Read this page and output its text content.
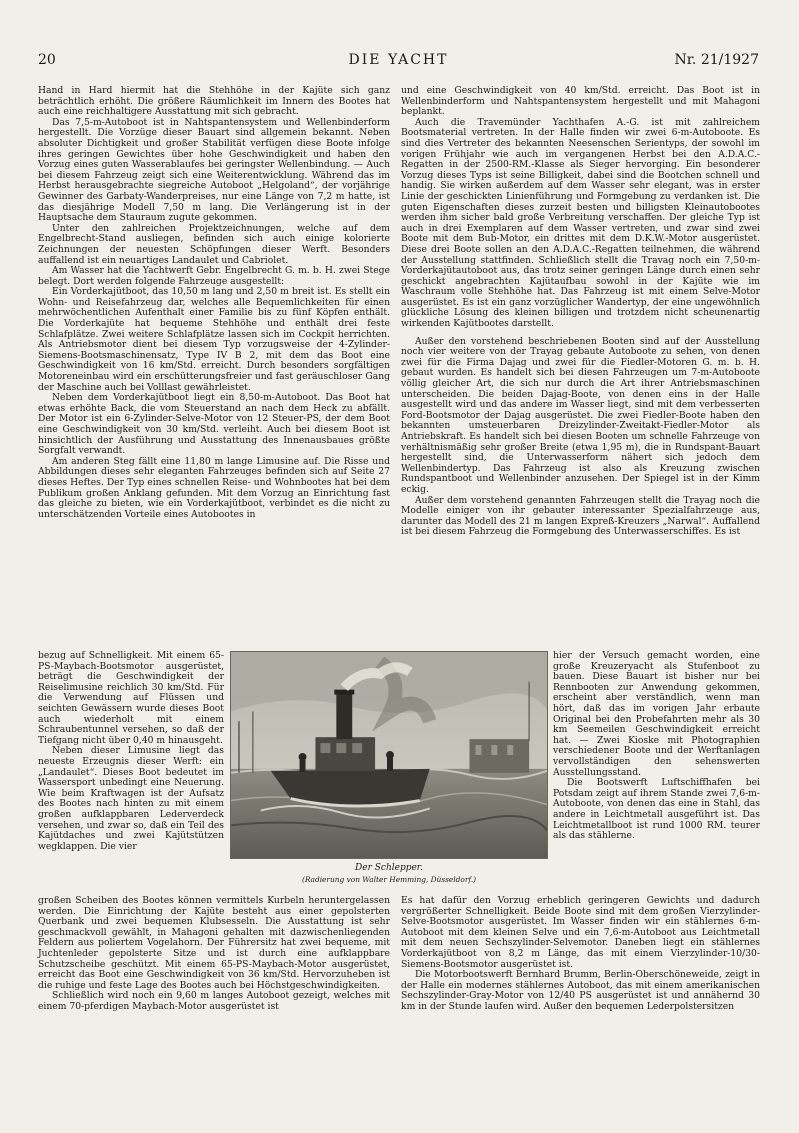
20	DIE YACHT	Nr. 21/1927

Hand in Hard hiermit hat die Stehhöhe in der Kajüte sich ganz beträchtlich erhöht. Die größere Räumlichkeit im Innern des Bootes hat auch eine reichhaltigere Ausstattung mit sich gebracht.

Das 7,5-m-Autoboot ist in Nahtspantensystem und Wellenbinderform hergestellt. Die Vorzüge dieser Bauart sind allgemein bekannt. Neben absoluter Dichtigkeit und großer Stabilität verfügen diese Boote infolge ihres geringen Gewichtes über hohe Geschwindigkeit und haben den Vorzug eines guten Wasserablaufes bei geringster Wellenbindung. — Auch bei diesem Fahrzeug zeigt sich eine Weiterentwicklung. Während das im Herbst herausgebrachte siegreiche Autoboot „Helgoland“, der vorjährige Gewinner des Garbaty-Wanderpreises, nur eine Länge von 7,2 m hatte, ist das diesjährige Modell 7,50 m lang. Die Verlängerung ist in der Hauptsache dem Stauraum zugute gekommen.

Unter den zahlreichen Projektzeichnungen, welche auf dem Engelbrecht-Stand ausliegen, befinden sich auch einige kolorierte Zeichnungen der neuesten Schöpfungen dieser Werft. Besonders auffallend ist ein neuartiges Landaulet und Cabriolet.

Am Wasser hat die Yachtwerft Gebr. Engelbrecht G. m. b. H. zwei Stege belegt. Dort werden folgende Fahrzeuge ausgestellt:

Ein Vorderkajütboot, das 10,50 m lang und 2,50 m breit ist. Es stellt ein Wohn- und Reisefahrzeug dar, welches alle Bequemlichkeiten für einen mehrwöchentlichen Aufenthalt einer Familie bis zu fünf Köpfen enthält. Die Vorderkajüte hat bequeme Stehhöhe und enthält drei feste Schlafplätze. Zwei weitere Schlafplätze lassen sich im Cockpit herrichten. Als Antriebsmotor dient bei diesem Typ vorzugsweise der 4-Zylinder-Siemens-Bootsmaschinensatz, Type IV B 2, mit dem das Boot eine Geschwindigkeit von 16 km/Std. erreicht. Durch besonders sorgfältigen Motoreneinbau wird ein erschütterungsfreier und fast geräuschloser Gang der Maschine auch bei Volllast gewährleistet.

Neben dem Vorderkajütboot liegt ein 8,50-m-Autoboot. Das Boot hat etwas erhöhte Back, die vom Steuerstand an nach dem Heck zu abfällt. Der Motor ist ein 6-Zylinder-Selve-Motor von 12 Steuer-PS, der dem Boot eine Geschwindigkeit von 30 km/Std. verleiht. Auch bei diesem Boot ist hinsichtlich der Ausführung und Ausstattung des Innenausbaues größte Sorgfalt verwandt.

Am anderen Steg fällt eine 11,80 m lange Limusine auf. Die Risse und Abbildungen dieses sehr eleganten Fahrzeuges befinden sich auf Seite 27 dieses Heftes. Der Typ eines schnellen Reise- und Wohnbootes hat bei dem Publikum großen Anklang gefunden. Mit dem Vorzug an Einrichtung fast das gleiche zu bieten, wie ein Vorderkajütboot, verbindet es die nicht zu unterschätzenden Vorteile eines Autobootes in

und eine Geschwindigkeit von 40 km/Std. erreicht. Das Boot ist in Wellenbinderform und Nahtspantensystem hergestellt und mit Mahagoni beplankt.

Auch die Travemünder Yachthafen A.-G. ist mit zahlreichem Bootsmaterial vertreten. In der Halle finden wir zwei 6-m-Autoboote. Es sind dies Vertreter des bekannten Neesenschen Serientyps, der sowohl im vorigen Frühjahr wie auch im vergangenen Herbst bei den A.D.A.C.-Regatten in der 2500-RM.-Klasse als Sieger hervorging. Ein besonderer Vorzug dieses Typs ist seine Billigkeit, dabei sind die Bootchen schnell und handig. Sie wirken außerdem auf dem Wasser sehr elegant, was in erster Linie der geschickten Linienführung und Formgebung zu verdanken ist. Die guten Eigenschaften dieses zurzeit besten und billigsten Kleinautobootes werden ihm sicher bald große Verbreitung verschaffen. Der gleiche Typ ist auch in drei Exemplaren auf dem Wasser vertreten, und zwar sind zwei Boote mit dem Bub-Motor, ein drittes mit dem D.K.W.-Motor ausgerüstet. Diese drei Boote sollen an den A.D.A.C.-Regatten teilnehmen, die während der Ausstellung stattfinden. Schließlich stellt die Travag noch ein 7,50-m-Vorderkajütautoboot aus, das trotz seiner geringen Länge durch einen sehr geschickt angebrachten Kajütaufbau sowohl in der Kajüte wie im Waschraum volle Stehhöhe hat. Das Fahrzeug ist mit einem Selve-Motor ausgerüstet. Es ist ein ganz vorzüglicher Wandertyp, der eine ungewöhnlich glückliche Lösung des kleinen billigen und trotzdem nicht scheunenartig wirkenden Kajütbootes darstellt.

Außer den vorstehend beschriebenen Booten sind auf der Ausstellung noch vier weitere von der Trayag gebaute Autoboote zu sehen, von denen zwei für die Firma Dajag und zwei für die Fiedler-Motoren G. m. b. H. gebaut wurden. Es handelt sich bei diesen Fahrzeugen um 7-m-Autoboote völlig gleicher Art, die sich nur durch die Art ihrer Antriebsmaschinen unterscheiden. Die beiden Dajag-Boote, von denen eins in der Halle ausgestellt wird und das andere im Wasser liegt, sind mit dem verbesserten Ford-Bootsmotor der Dajag ausgerüstet. Die zwei Fiedler-Boote haben den bekannten umsteuerbaren Dreizylinder-Zweitakt-Fiedler-Motor als Antriebskraft. Es handelt sich bei diesen Booten um schnelle Fahrzeuge von verhältnismäßig sehr großer Breite (etwa 1,95 m), die in Rundspant-Bauart hergestellt sind, die Unterwasserform nähert sich jedoch dem Wellenbindertyp. Das Fahrzeug ist also als Kreuzung zwischen Rundspantboot und Wellenbinder anzusehen. Der Spiegel ist in der Kimm eckig.

Außer dem vorstehend genannten Fahrzeugen stellt die Trayag noch die Modelle einiger von ihr gebauter interessanter Spezialfahrzeuge aus, darunter das Modell des 21 m langen Expreß-Kreuzers „Narwal“. Auffallend ist bei diesem Fahrzeug die Formgebung des Unterwasserschiffes. Es ist

bezug auf Schnelligkeit. Mit einem 65-PS-Maybach-Bootsmotor ausgerüstet, beträgt die Geschwindigkeit der Reiselimusine reichlich 30 km/Std. Für die Verwendung auf Flüssen und seichten Gewässern wurde dieses Boot auch wiederholt mit einem Schraubentunnel versehen, so daß der Tiefgang nicht über 0,40 m hinausgeht.

Neben dieser Limusine liegt das neueste Erzeugnis dieser Werft: ein „Landaulet“. Dieses Boot bedeutet im Wassersport unbedingt eine Neuerung. Wie beim Kraftwagen ist der Aufsatz des Bootes nach hinten zu mit einem großen aufklappbaren Lederverdeck versehen, und zwar so, daß ein Teil des Kajütdaches und zwei Kajütstützen wegklappen. Die vier

Der Schlepper.
(Radierung von Walter Hemming, Düsseldorf.)

hier der Versuch gemacht worden, eine große Kreuzeryacht als Stufenboot zu bauen. Diese Bauart ist bisher nur bei Rennbooten zur Anwendung gekommen, erscheint aber verständlich, wenn man hört, daß das im vorigen Jahr erbaute Original bei den Probefahrten mehr als 30 km Seemeilen Geschwindigkeit erreicht hat. — Zwei Kioske mit Photographien verschiedener Boote und der Werftanlagen vervollständigen den sehenswerten Ausstellungsstand.

Die Bootswerft Luftschiffhafen bei Potsdam zeigt auf ihrem Stande zwei 7,6-m-Autoboote, von denen das eine in Stahl, das andere in Leichtmetall ausgeführt ist. Das Leichtmetallboot ist rund 1000 RM. teurer als das stählerne.

großen Scheiben des Bootes können vermittels Kurbeln heruntergelassen werden. Die Einrichtung der Kajüte besteht aus einer gepolsterten Querbank und zwei bequemen Klubsesseln. Die Ausstattung ist sehr geschmackvoll gewählt, in Mahagoni gehalten mit dazwischenliegenden Feldern aus poliertem Vogelahorn. Der Führersitz hat zwei bequeme, mit Juchtenleder gepolsterte Sitze und ist durch eine aufklappbare Schutzscheibe geschützt. Mit einem 65-PS-Maybach-Motor ausgerüstet, erreicht das Boot eine Geschwindigkeit von 36 km/Std. Hervorzuheben ist die ruhige und feste Lage des Bootes auch bei Höchstgeschwindigkeiten.

Schließlich wird noch ein 9,60 m langes Autoboot gezeigt, welches mit einem 70-pferdigen Maybach-Motor ausgerüstet ist

Es hat dafür den Vorzug erheblich geringeren Gewichts und dadurch vergrößerter Schnelligkeit. Beide Boote sind mit dem großen Vierzylinder-Selve-Bootsmotor ausgerüstet. Im Wasser finden wir ein stählernes 6-m-Autoboot mit dem kleinen Selve und ein 7,6-m-Autoboot aus Leichtmetall mit dem neuen Sechszylinder-Selvemotor. Daneben liegt ein stählernes Vorderkajütboot von 8,2 m Länge, das mit einem Vierzylinder-10/30-Siemens-Bootsmotor ausgerüstet ist.

Die Motorbootswerft Bernhard Brumm, Berlin-Oberschöneweide, zeigt in der Halle ein modernes stählernes Autoboot, das mit einem amerikanischen Sechszylinder-Gray-Motor von 12/40 PS ausgerüstet ist und annähernd 30 km in der Stunde laufen wird. Außer den bequemen Lederpolstersitzen
